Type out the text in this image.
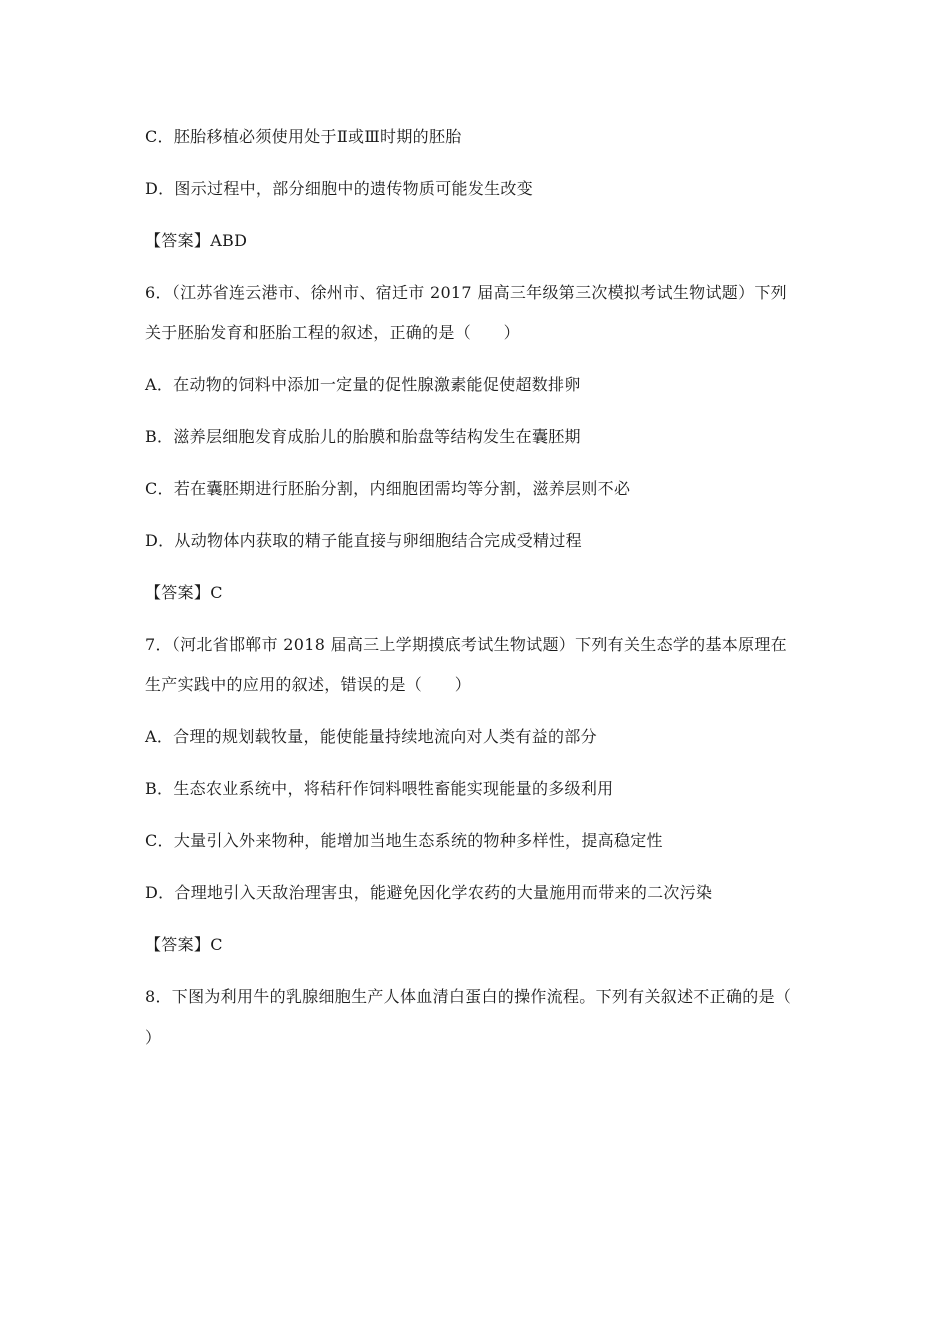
C．胚胎移植必须使用处于Ⅱ或Ⅲ时期的胚胎
D．图示过程中，部分细胞中的遗传物质可能发生改变
【答案】ABD
6．（江苏省连云港市、徐州市、宿迁市 2017 届高三年级第三次模拟考试生物试题）下列
关于胚胎发育和胚胎工程的叙述，正确的是（　　）
A．在动物的饲料中添加一定量的促性腺激素能促使超数排卵
B．滋养层细胞发育成胎儿的胎膜和胎盘等结构发生在囊胚期
C．若在囊胚期进行胚胎分割，内细胞团需均等分割，滋养层则不必
D．从动物体内获取的精子能直接与卵细胞结合完成受精过程
【答案】C
7．（河北省邯郸市 2018 届高三上学期摸底考试生物试题）下列有关生态学的基本原理在
生产实践中的应用的叙述，错误的是（　　）
A．合理的规划载牧量，能使能量持续地流向对人类有益的部分
B．生态农业系统中，将秸秆作饲料喂牲畜能实现能量的多级利用
C．大量引入外来物种，能增加当地生态系统的物种多样性，提高稳定性
D．合理地引入天敌治理害虫，能避免因化学农药的大量施用而带来的二次污染
【答案】C
8．下图为利用牛的乳腺细胞生产人体血清白蛋白的操作流程。下列有关叙述不正确的是（
）
